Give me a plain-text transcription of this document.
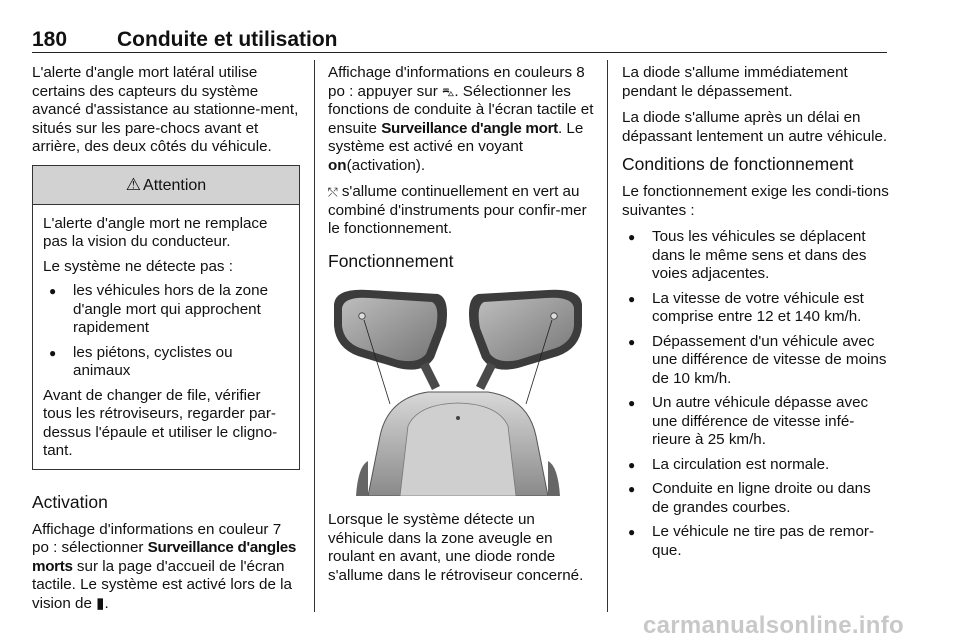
180 Conduite et utilisation

L'alerte d'angle mort latéral utilise certains des capteurs du système avancé d'assistance au stationne-ment, situés sur les pare-chocs avant et arrière, des deux côtés du véhicule.

⚠ Attention

L'alerte d'angle mort ne remplace pas la vision du conducteur.

Le système ne détecte pas :

● les véhicules hors de la zone d'angle mort qui approchent rapidement
● les piétons, cyclistes ou animaux

Avant de changer de file, vérifier tous les rétroviseurs, regarder par-dessus l'épaule et utiliser le cligno-tant.

Activation

Affichage d'informations en couleur 7 po : sélectionner Surveillance d'angles morts sur la page d'accueil de l'écran tactile. Le système est activé lors de la vision de ▮.

Affichage d'informations en couleurs 8 po : appuyer sur ⛍. Sélectionner les fonctions de conduite à l'écran tactile et ensuite Surveillance d'angle mort. Le système est activé en voyant on(activation).

⤲ s'allume continuellement en vert au combiné d'instruments pour confir-mer le fonctionnement.

Fonctionnement

Lorsque le système détecte un véhicule dans la zone aveugle en roulant en avant, une diode ronde s'allume dans le rétroviseur concerné.

La diode s'allume immédiatement pendant le dépassement.

La diode s'allume après un délai en dépassant lentement un autre véhicule.

Conditions de fonctionnement

Le fonctionnement exige les condi-tions suivantes :

● Tous les véhicules se déplacent dans le même sens et dans des voies adjacentes.
● La vitesse de votre véhicule est comprise entre 12 et 140 km/h.
● Dépassement d'un véhicule avec une différence de vitesse de moins de 10 km/h.
● Un autre véhicule dépasse avec une différence de vitesse infé-rieure à 25 km/h.
● La circulation est normale.
● Conduite en ligne droite ou dans de grandes courbes.
● Le véhicule ne tire pas de remor-que.
carmanualsonline.info
